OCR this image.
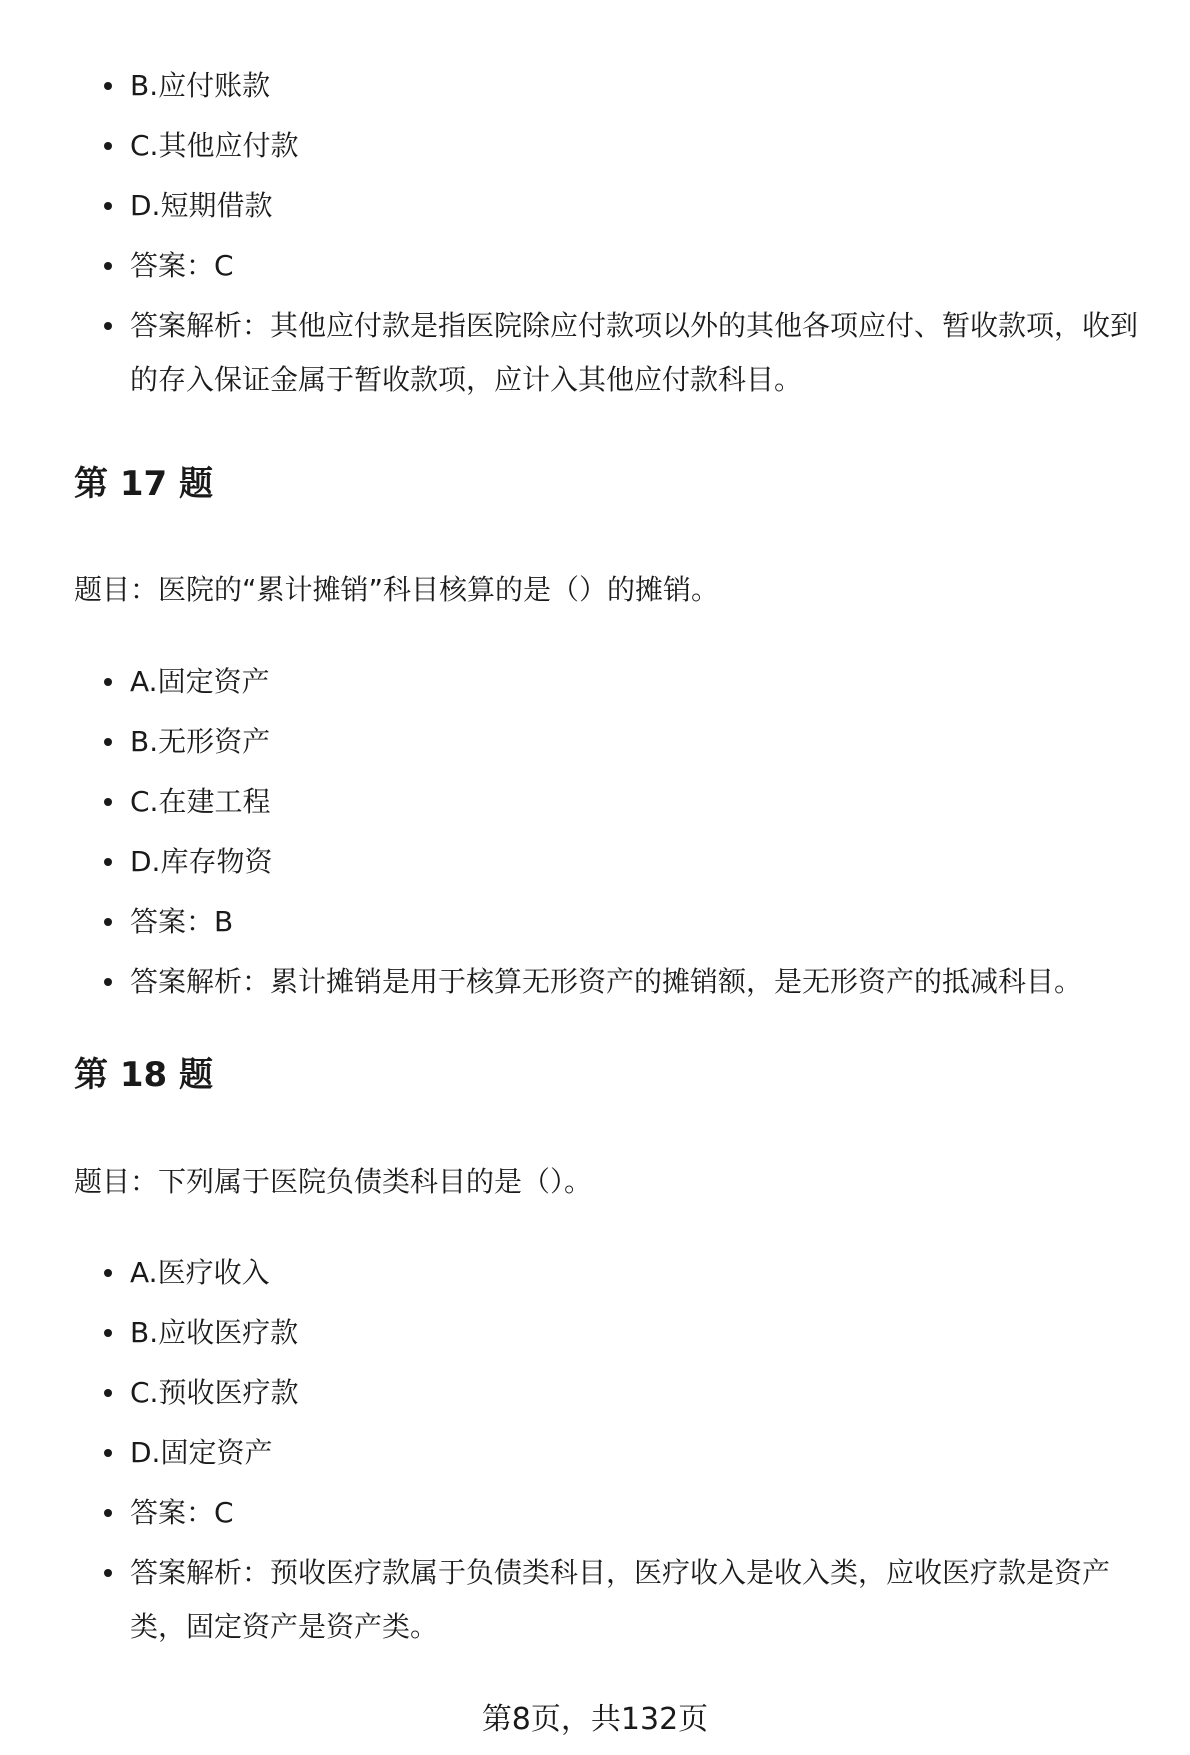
B.应付账款
C.其他应付款
D.短期借款
答案：C
答案解析：其他应付款是指医院除应付款项以外的其他各项应付、暂收款项，收到的存入保证金属于暂收款项，应计入其他应付款科目。
第 17 题
题目：医院的“累计摊销”科目核算的是（）的摊销。
A.固定资产
B.无形资产
C.在建工程
D.库存物资
答案：B
答案解析：累计摊销是用于核算无形资产的摊销额，是无形资产的抵减科目。
第 18 题
题目：下列属于医院负债类科目的是（）。
A.医疗收入
B.应收医疗款
C.预收医疗款
D.固定资产
答案：C
答案解析：预收医疗款属于负债类科目，医疗收入是收入类，应收医疗款是资产类，固定资产是资产类。
第8页，共132页
